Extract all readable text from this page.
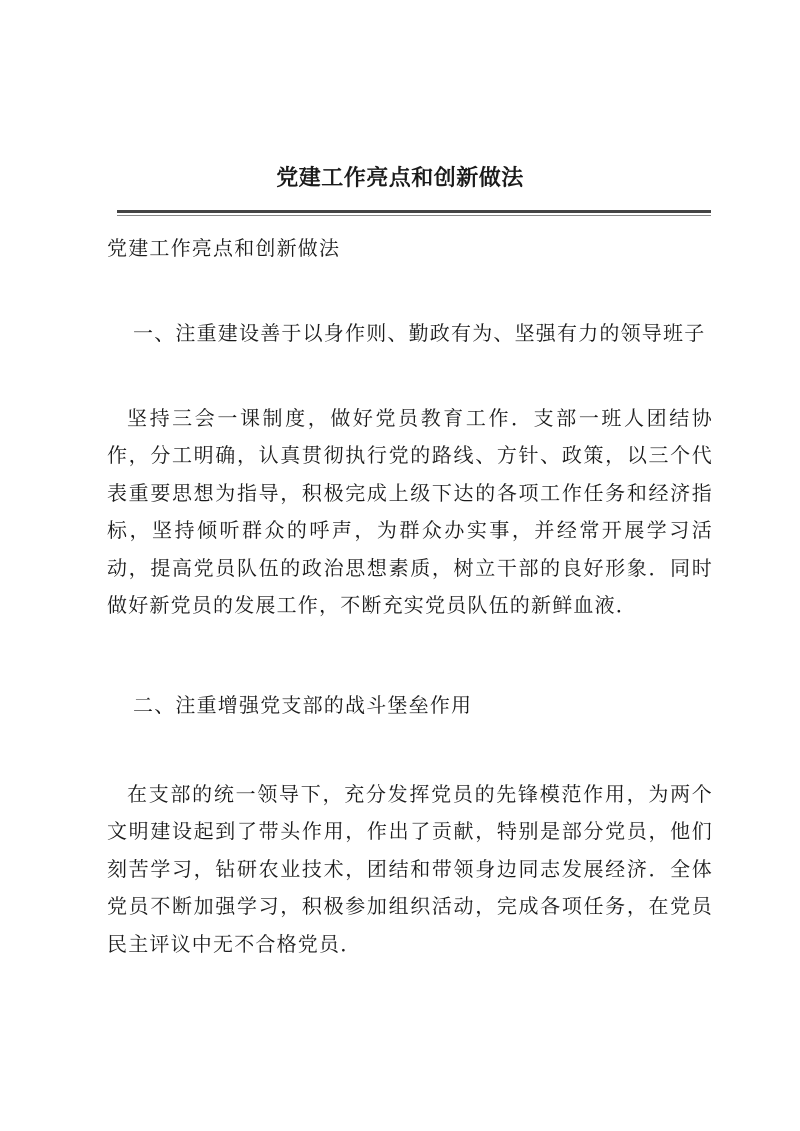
党建工作亮点和创新做法
党建工作亮点和创新做法
一、注重建设善于以身作则、勤政有为、坚强有力的领导班子
坚持三会一课制度，做好党员教育工作．支部一班人团结协作，分工明确，认真贯彻执行党的路线、方针、政策，以三个代表重要思想为指导，积极完成上级下达的各项工作任务和经济指标，坚持倾听群众的呼声，为群众办实事，并经常开展学习活动，提高党员队伍的政治思想素质，树立干部的良好形象．同时做好新党员的发展工作，不断充实党员队伍的新鲜血液．
二、注重增强党支部的战斗堡垒作用
在支部的统一领导下，充分发挥党员的先锋模范作用，为两个文明建设起到了带头作用，作出了贡献，特别是部分党员，他们刻苦学习，钻研农业技术，团结和带领身边同志发展经济．全体党员不断加强学习，积极参加组织活动，完成各项任务，在党员民主评议中无不合格党员．
